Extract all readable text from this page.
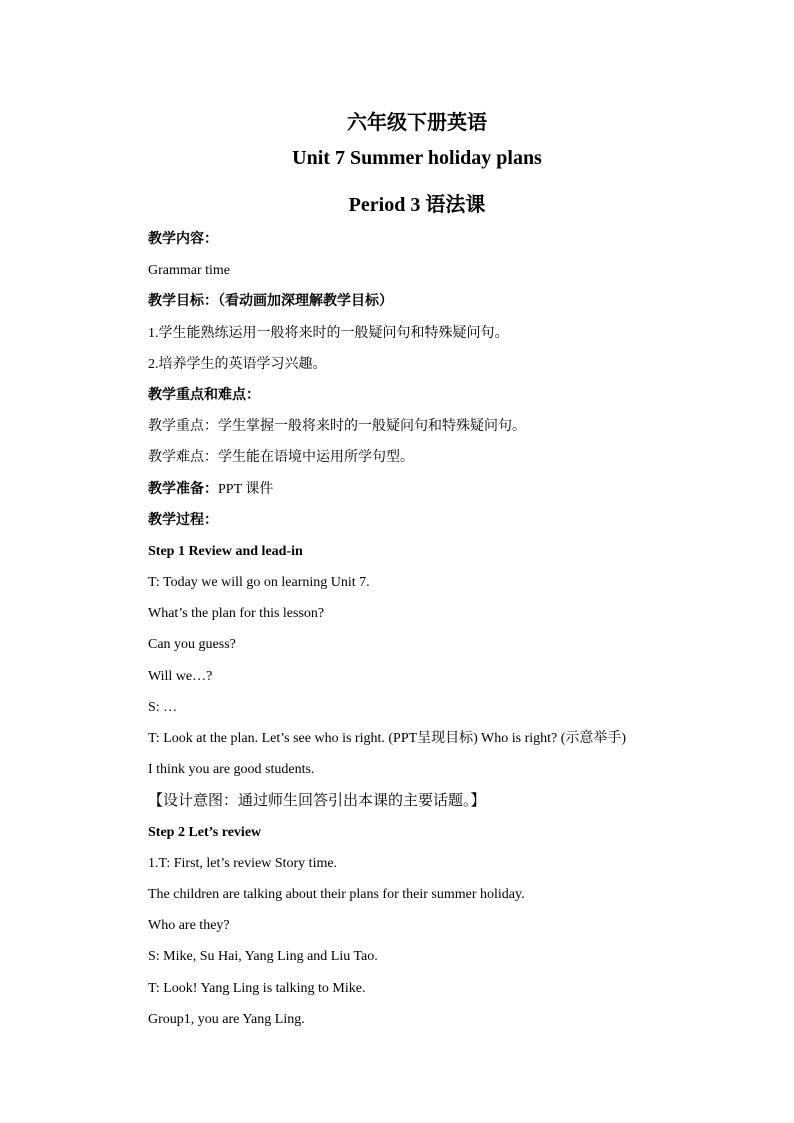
六年级下册英语
Unit 7 Summer holiday plans
Period 3 语法课
教学内容：
Grammar time
教学目标：（看动画加深理解教学目标）
1.学生能熟练运用一般将来时的一般疑问句和特殊疑问句。
2.培养学生的英语学习兴趣。
教学重点和难点：
教学重点：学生掌握一般将来时的一般疑问句和特殊疑问句。
教学难点：学生能在语境中运用所学句型。
教学准备：PPT 课件
教学过程：
Step 1 Review and lead-in
T: Today we will go on learning Unit 7.
What’s the plan for this lesson?
Can you guess?
Will we…?
S: …
T: Look at the plan. Let’s see who is right. (PPT呈现目标) Who is right? (示意举手)
I think you are good students.
【设计意图：通过师生回答引出本课的主要话题。】
Step 2 Let’s review
1.T: First, let’s review Story time.
The children are talking about their plans for their summer holiday.
Who are they?
S: Mike, Su Hai, Yang Ling and Liu Tao.
T: Look! Yang Ling is talking to Mike.
Group1, you are Yang Ling.
